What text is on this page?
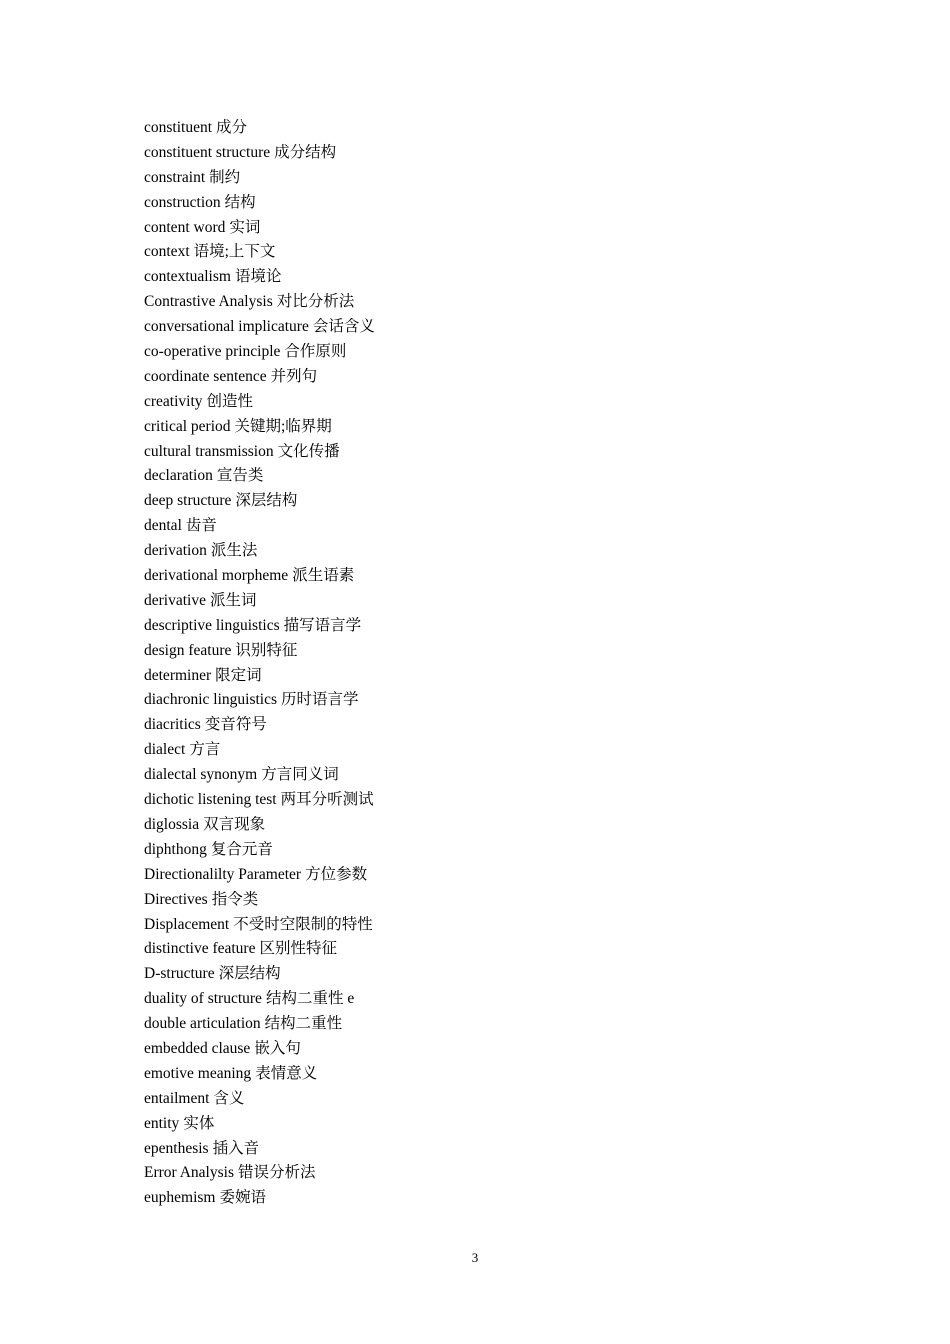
constituent 成分
constituent structure 成分结构
constraint 制约
construction 结构
content word 实词
context 语境;上下文
contextualism 语境论
Contrastive Analysis 对比分析法
conversational implicature 会话含义
co-operative principle 合作原则
coordinate sentence 并列句
creativity 创造性
critical period 关键期;临界期
cultural transmission 文化传播
declaration 宣告类
deep structure 深层结构
dental 齿音
derivation 派生法
derivational morpheme 派生语素
derivative 派生词
descriptive linguistics 描写语言学
design feature 识别特征
determiner 限定词
diachronic linguistics 历时语言学
diacritics 变音符号
dialect 方言
dialectal synonym 方言同义词
dichotic listening test 两耳分听测试
diglossia 双言现象
diphthong 复合元音
Directionalilty Parameter 方位参数
Directives 指令类
Displacement 不受时空限制的特性
distinctive feature 区别性特征
D-structure 深层结构
duality of structure 结构二重性 e
double articulation 结构二重性
embedded clause 嵌入句
emotive meaning 表情意义
entailment 含义
entity 实体
epenthesis 插入音
Error Analysis 错误分析法
euphemism 委婉语
3
